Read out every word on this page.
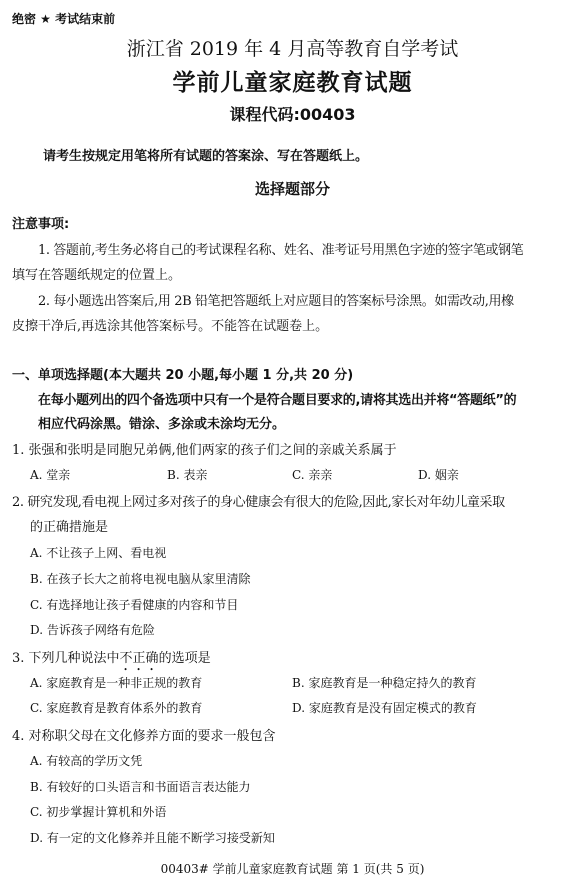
绝密 ★ 考试结束前
浙江省 2019 年 4 月高等教育自学考试
学前儿童家庭教育试题
课程代码:00403
请考生按规定用笔将所有试题的答案涂、写在答题纸上。
选择题部分
注意事项:
1. 答题前,考生务必将自己的考试课程名称、姓名、准考证号用黑色字迹的签字笔或钢笔
填写在答题纸规定的位置上。
2. 每小题选出答案后,用 2B 铅笔把答题纸上对应题目的答案标号涂黑。如需改动,用橡
皮擦干净后,再选涂其他答案标号。不能答在试题卷上。
一、单项选择题(本大题共 20 小题,每小题 1 分,共 20 分)
在每小题列出的四个备选项中只有一个是符合题目要求的,请将其选出并将“答题纸”的
相应代码涂黑。错涂、多涂或未涂均无分。
1. 张强和张明是同胞兄弟俩,他们两家的孩子们之间的亲戚关系属于
A. 堂亲	B. 表亲	C. 亲亲	D. 姻亲
2. 研究发现,看电视上网过多对孩子的身心健康会有很大的危险,因此,家长对年幼儿童采取
的正确措施是
A. 不让孩子上网、看电视
B. 在孩子长大之前将电视电脑从家里清除
C. 有选择地让孩子看健康的内容和节目
D. 告诉孩子网络有危险
3. 下列几种说法中不正确的选项是
A. 家庭教育是一种非正规的教育	B. 家庭教育是一种稳定持久的教育
C. 家庭教育是教育体系外的教育	D. 家庭教育是没有固定模式的教育
4. 对称职父母在文化修养方面的要求一般包含
A. 有较高的学历文凭
B. 有较好的口头语言和书面语言表达能力
C. 初步掌握计算机和外语
D. 有一定的文化修养并且能不断学习接受新知
00403# 学前儿童家庭教育试题 第 1 页(共 5 页)
